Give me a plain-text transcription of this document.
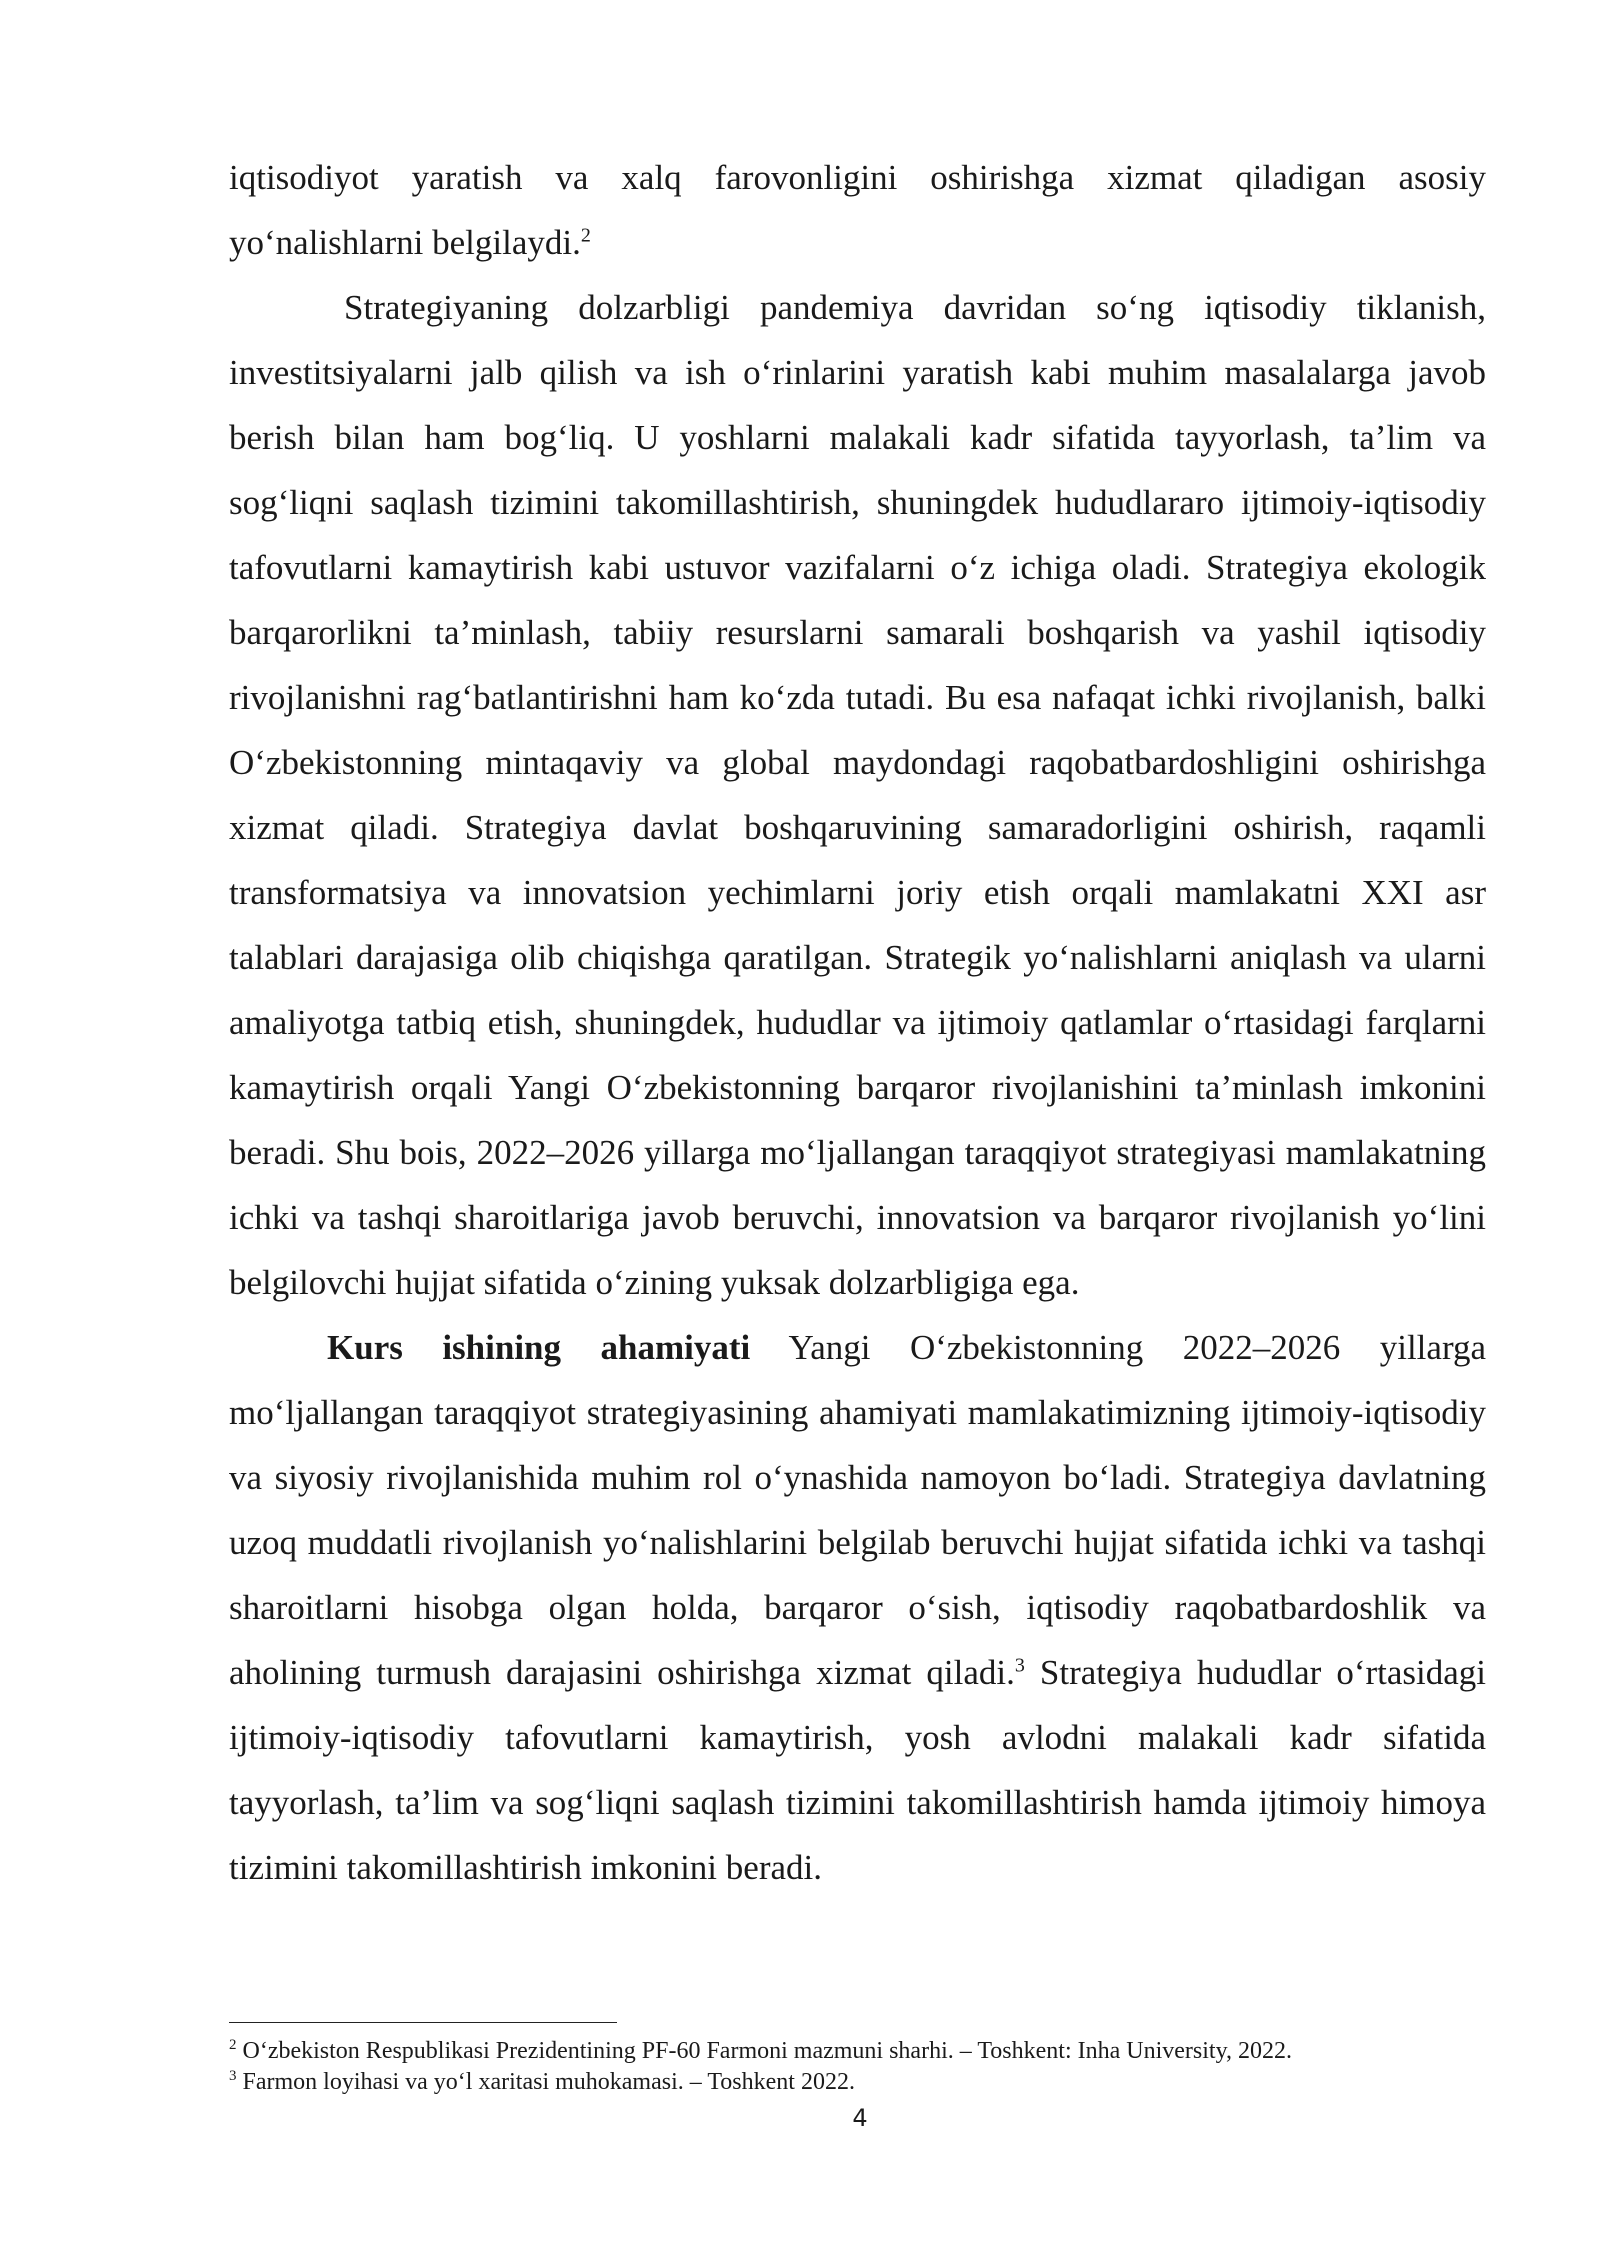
iqtisodiyot yaratish va xalq farovonligini oshirishga xizmat qiladigan asosiy yo‘nalishlarni belgilaydi.$^2$

Strategiyaning dolzarbligi pandemiya davridan so‘ng iqtisodiy tiklanish, investitsiyalarni jalb qilish va ish o‘rinlarini yaratish kabi muhim masalalarga javob berish bilan ham bog‘liq. U yoshlarni malakali kadr sifatida tayyorlash, ta’lim va sog‘liqni saqlash tizimini takomillashtirish, shuningdek hududlararo ijtimoiy-iqtisodiy tafovutlarni kamaytirish kabi ustuvor vazifalarni o‘z ichiga oladi. Strategiya ekologik barqarorlikni ta’minlash, tabiiy resurslarni samarali boshqarish va yashil iqtisodiy rivojlanishni rag‘batlantirishni ham ko‘zda tutadi. Bu esa nafaqat ichki rivojlanish, balki O‘zbekistonning mintaqaviy va global maydondagi raqobatbardoshligini oshirishga xizmat qiladi. Strategiya davlat boshqaruvining samaradorligini oshirish, raqamli transformatsiya va innovatsion yechimlarni joriy etish orqali mamlakatni XXI asr talablari darajasiga olib chiqishga qaratilgan. Strategik yo‘nalishlarni aniqlash va ularni amaliyotga tatbiq etish, shuningdek, hududlar va ijtimoiy qatlamlar o‘rtasidagi farqlarni kamaytirish orqali Yangi O‘zbekistonning barqaror rivojlanishini ta’minlash imkonini beradi. Shu bois, 2022–2026 yillarga mo‘ljallangan taraqqiyot strategiyasi mamlakatning ichki va tashqi sharoitlariga javob beruvchi, innovatsion va barqaror rivojlanish yo‘lini belgilovchi hujjat sifatida o‘zining yuksak dolzarbligiga ega.

Kurs ishining ahamiyati Yangi O‘zbekistonning 2022–2026 yillarga mo‘ljallangan taraqqiyot strategiyasining ahamiyati mamlakatimizning ijtimoiy-iqtisodiy va siyosiy rivojlanishida muhim rol o‘ynashida namoyon bo‘ladi. Strategiya davlatning uzoq muddatli rivojlanish yo‘nalishlarini belgilab beruvchi hujjat sifatida ichki va tashqi sharoitlarni hisobga olgan holda, barqaror o‘sish, iqtisodiy raqobatbardoshlik va aholining turmush darajasini oshirishga xizmat qiladi.$^3$ Strategiya hududlar o‘rtasidagi ijtimoiy-iqtisodiy tafovutlarni kamaytirish, yosh avlodni malakali kadr sifatida tayyorlash, ta’lim va sog‘liqni saqlash tizimini takomillashtirish hamda ijtimoiy himoya tizimini takomillashtirish imkonini beradi.

$^2$ O‘zbekiston Respublikasi Prezidentining PF-60 Farmoni mazmuni sharhi. – Toshkent: Inha University, 2022.

$^3$ Farmon loyihasi va yo‘l xaritasi muhokamasi. – Toshkent 2022.

4
